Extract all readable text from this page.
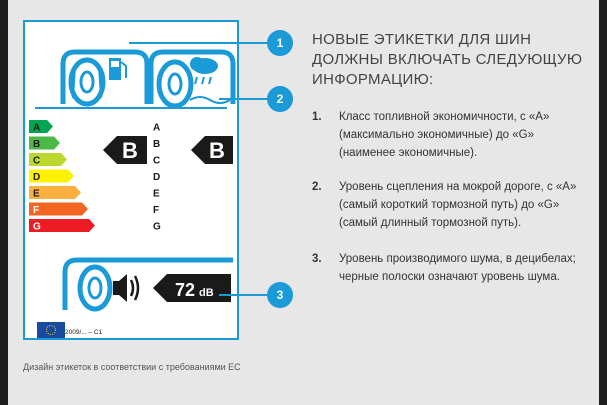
A
B
C
D
E
F
G
A
B
C
D
E
F
G
B	B
72 dB
2009/... – C1
1
2
3
НОВЫЕ ЭТИКЕТКИ ДЛЯ ШИН ДОЛЖНЫ ВКЛЮЧАТЬ СЛЕДУЮЩУЮ ИНФОРМАЦИЮ:
1. Класс топливной экономичности, с «A» (максимально экономичные) до «G» (наименее экономичные).
2. Уровень сцепления на мокрой дороге, с «A» (самый короткий тормозной путь) до «G» (самый длинный тормозной путь).
3. Уровень производимого шума, в децибелах; черные полоски означают уровень шума.
Дизайн этикеток в соответствии с требованиями ЕС
